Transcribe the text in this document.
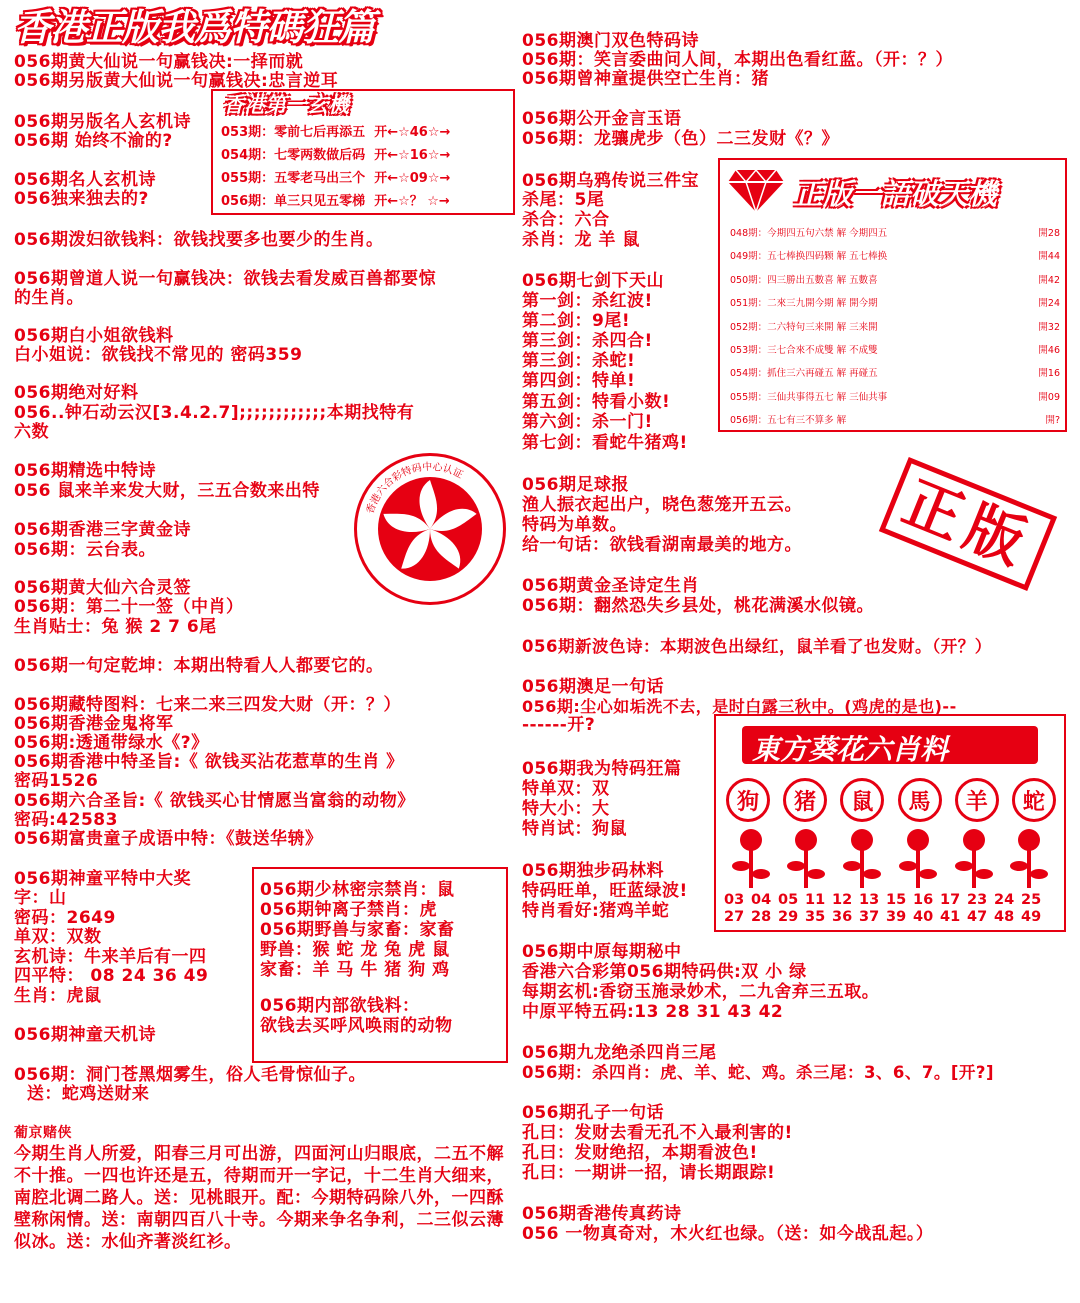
香港正版我爲特碼狂篇
056期黄大仙说一句赢钱决:一择而就
056期另版黄大仙说一句赢钱决:忠言逆耳
056期另版名人玄机诗
056期 始终不渝的?
056期名人玄机诗
056独来独去的?
056期泼妇欲钱料：欲钱找要多也要少的生肖。
056期曾道人说一句赢钱决：欲钱去看发威百兽都要惊
的生肖。
056期白小姐欲钱料
白小姐说：欲钱找不常见的 密码359
056期绝对好料
056..钟石动云汉[3.4.2.7];;;;;;;;;;;;本期找特有
六数
056期精选中特诗
056 鼠来羊来发大财，三五合数来出特
056期香港三字黄金诗
056期：云台表。
056期黄大仙六合灵签
056期：第二十一签（中肖）
生肖贴士：兔 猴 2 7 6尾
056期一句定乾坤：本期出特看人人都要它的。
056期藏特图料：七来二来三四发大财（开：？）
056期香港金鬼将军
056期:透通带绿水《?》
056期香港中特圣旨:《 欲钱买沾花惹草的生肖 》
密码1526
056期六合圣旨:《 欲钱买心甘情愿当富翁的动物》
密码:42583
056期富贵童子成语中特：《鼓送华辀》
056期神童平特中大奖
字：山
密码：2649
单双：双数
玄机诗：牛来羊后有一四
四平特： 08 24 36 49
生肖：虎鼠
056期神童天机诗
056期：洞门苍黑烟雾生，俗人毛骨惊仙子。
送：蛇鸡送财来
葡京赌侠
今期生肖人所爱，阳春三月可出游，四面河山归眼底，二五不解不十推。一四也许还是五，待期而开一字记，十二生肖大细来，南腔北调二路人。送：见桃眼开。配：今期特码除八外，一四酥壁称闲情。送：南朝四百八十寺。今期来争名争利，二三似云薄似冰。送：水仙齐著淡红衫。
香港第一玄機
053期：零前七后再添五  开←☆46☆→
054期：七零两数做后码  开←☆16☆→
055期：五零老马出三个  开←☆09☆→
056期：单三只见五零梯  开←☆？ ☆→
香港六合彩特码中心认证
056期少林密宗禁肖：鼠
056期钟离子禁肖：虎
056期野兽与家畜：家畜
野兽：猴 蛇 龙 兔 虎 鼠
家畜：羊 马 牛 猪 狗 鸡
056期内部欲钱料：
欲钱去买呼风唤雨的动物
056期澳门双色特码诗
056期：笑言委曲问人间，本期出色看红蓝。（开：？）
056期曾神童提供空亡生肖：猪
056期公开金言玉语
056期：龙骧虎步（色）二三发财《？》
056期乌鸦传说三件宝
杀尾：5尾
杀合：六合
杀肖：龙 羊 鼠
056期七剑下天山
第一剑：杀红波!
第二剑：9尾!
第三剑：杀四合!
第三剑：杀蛇!
第四剑：特单!
第五剑：特看小数!
第六剑：杀一门!
第七剑：看蛇牛猪鸡!
056期足球报
渔人振衣起出户，晓色葱笼开五云。
特码为单数。
给一句话：欲钱看湖南最美的地方。
056期黄金圣诗定生肖
056期：翻然恐失乡县处，桃花满溪水似镜。
056期新波色诗：本期波色出绿红，鼠羊看了也发财。（开？）
056期澳足一句话
056期:尘心如垢洗不去，是时白露三秋中。(鸡虎的是也)--
------开?
056期我为特码狂篇
特单双：双
特大小：大
特肖试：狗鼠
056期独步码林料
特码旺单，旺蓝绿波!
特肖看好:猪鸡羊蛇
056期中原每期秘中
香港六合彩第056期特码供:双 小 绿
每期玄机:香窃玉施录妙术，二九舍弃三五取。
中原平特五码:13 28 31 43 42
056期九龙绝杀四肖三尾
056期：杀四肖：虎、羊、蛇、鸡。杀三尾：3、6、7。[开?]
056期孔子一句话
孔曰：发财去看无孔不入最利害的!
孔曰：发财绝招，本期看波色!
孔曰：一期讲一招，请长期跟踪!
056期香港传真药诗
056 一物真奇对，木火红也绿。（送：如今战乱起。）
正版一語破天機
048期：今期四五句六禁 解 今期四五	開28
049期：五七棒换四码颗 解 五七棒换	開44
050期：四三勝出五數喜 解 五數喜	開42
051期：二來三九開今期 解 開今期	開24
052期：二六特句三来開 解 三来開	開32
053期：三七合來不成雙 解 不成雙	開46
054期：抓住三六再碰五 解 再碰五	開16
055期：三仙共事得五七 解 三仙共事	開09
056期：五七有三不算多 解	開?
正版
東方葵花六肖料
狗	猪	鼠	馬	羊	蛇
03 04 05 11 12 13 15 16 17 23 24 25
27 28 29 35 36 37 39 40 41 47 48 49
